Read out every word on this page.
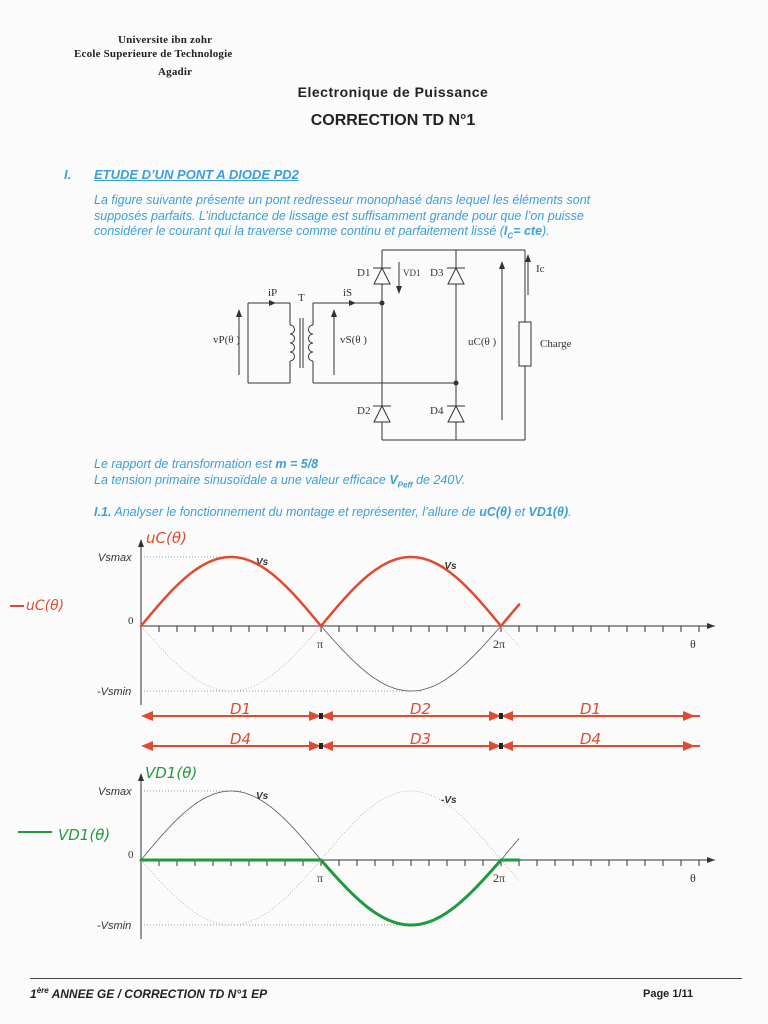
Universite ibn zohr
Ecole Superieure de Technologie
Agadir
Electronique de Puissance
CORRECTION TD N°1
I. ETUDE D’UN PONT A DIODE PD2
La figure suivante présente un pont redresseur monophasé dans lequel les éléments sont
supposés parfaits. L’inductance de lissage est suffisamment grande pour que l’on puisse
considérer le courant qui la traverse comme continu et parfaitement lissé $(I_C= cte)$.
vP(θ )
iP T	iS
vS(θ )
D1	VD1 D3
D2	D4
uC(θ )
Ic
Charge
Le rapport de transformation est m = 5/8
La tension primaire sinusoïdale a une valeur efficace $V_{Peff}$ de 240V.
I.1. Analyser le fonctionnement du montage et représenter, l’allure de uC(θ) et VD1(θ).
Vsmax
0
-Vsmin
π	2π	θ
Vs	-Vs
uC(θ)
uC(θ)
D1	D2	D1
D4	D3	D4
Vsmax
0
-Vsmin
π	2π	θ
Vs	-Vs
VD1(θ)
VD1(θ)
1ère ANNEE GE / CORRECTION TD N°1 EP	Page 1/11
